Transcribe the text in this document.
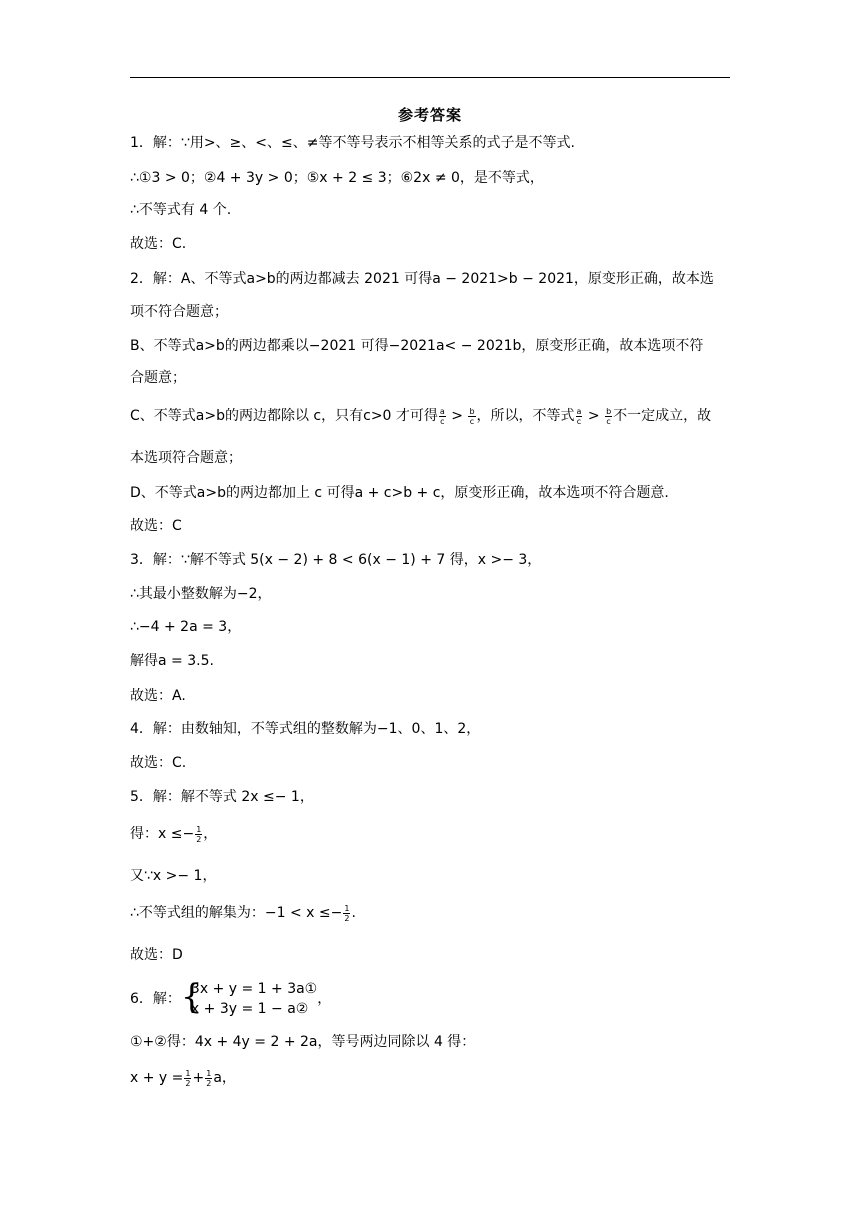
参考答案
1．解：∵用>、≥、<、≤、≠等不等号表示不相等关系的式子是不等式.
∴①3 > 0；②4 + 3y > 0；⑤x + 2 ≤ 3；⑥2x ≠ 0，是不等式，
∴不等式有 4 个.
故选：C.
2．解：A、不等式a>b的两边都减去 2021 可得a − 2021>b − 2021，原变形正确，故本选
项不符合题意；
B、不等式a>b的两边都乘以−2021 可得−2021a< − 2021b，原变形正确，故本选项不符
合题意；
C、不等式a>b的两边都除以 c，只有c>0 才可得 $\frac{a}{c} > \frac{b}{c}$ ，所以，不等式 $\frac{a}{c} > \frac{b}{c}$ 不一定成立，故
本选项符合题意；
D、不等式a>b的两边都加上 c 可得a + c>b + c，原变形正确，故本选项不符合题意.
故选：C
3．解：∵解不等式 5(x − 2) + 8 < 6(x − 1) + 7 得，x >− 3，
∴其最小整数解为−2，
∴−4 + 2a = 3，
解得a = 3.5.
故选：A.
4．解：由数轴知，不等式组的整数解为−1、0、1、2，
故选：C.
5．解：解不等式 2x ≤− 1，
得：$x \le- \frac{1}{2}$ ，
又∵x >− 1，
∴不等式组的解集为：$-1 < x \le- \frac{1}{2}$ .
故选：D
6．解： {
3x + y = 1 + 3a①
x + 3y = 1 − a②
，
①+②得：4x + 4y = 2 + 2a，等号两边同除以 4 得：
$x + y = \frac{1}{2} + \frac{1}{2}$ a，
